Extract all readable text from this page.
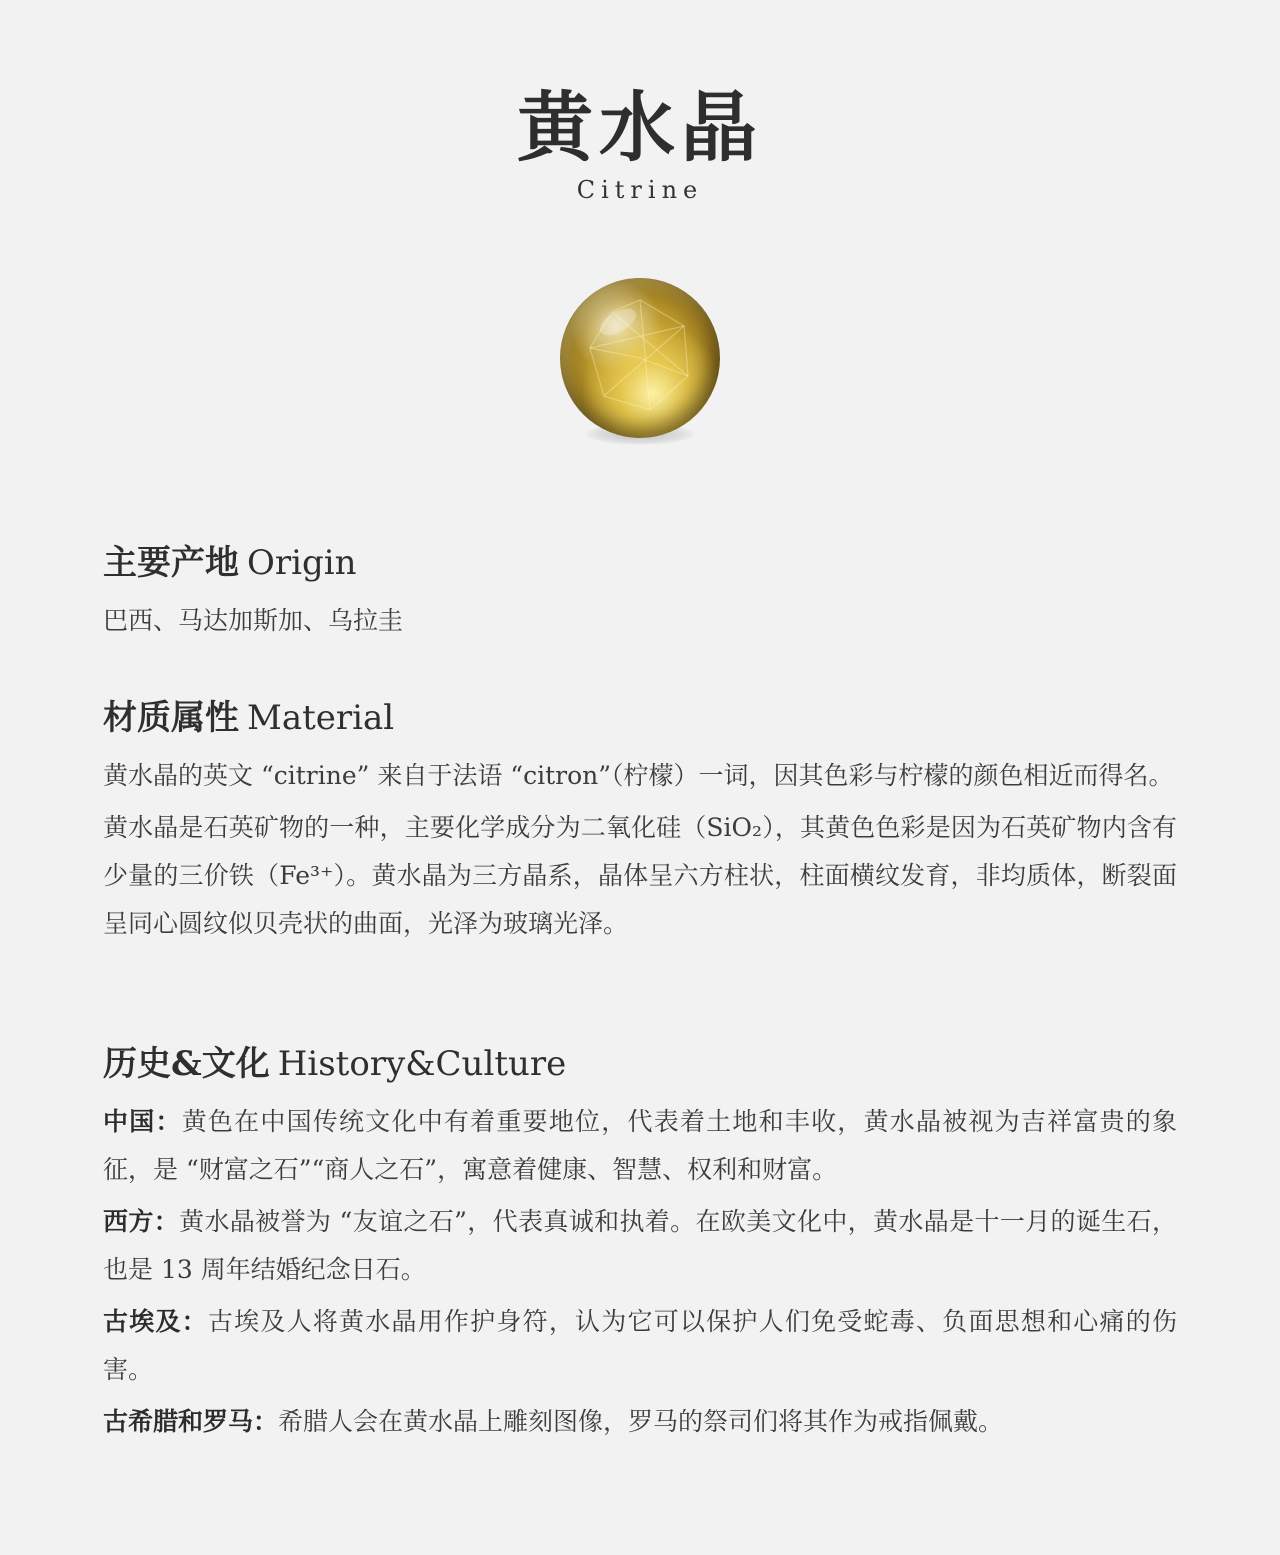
黄水晶
Citrine
主要产地 Origin
巴西、马达加斯加、乌拉圭
材质属性 Material
黄水晶的英文 “citrine” 来自于法语 “citron”（柠檬）一词，因其色彩与柠檬的颜色相近而得名。
黄水晶是石英矿物的一种，主要化学成分为二氧化硅（SiO₂），其黄色色彩是因为石英矿物内含有少量的三价铁（Fe³⁺）。黄水晶为三方晶系，晶体呈六方柱状，柱面横纹发育，非均质体，断裂面呈同心圆纹似贝壳状的曲面，光泽为玻璃光泽。
历史&文化 History&Culture
中国：黄色在中国传统文化中有着重要地位，代表着土地和丰收，黄水晶被视为吉祥富贵的象征，是 “财富之石”“商人之石”，寓意着健康、智慧、权利和财富。
西方：黄水晶被誉为 “友谊之石”，代表真诚和执着。在欧美文化中，黄水晶是十一月的诞生石，也是 13 周年结婚纪念日石。
古埃及：古埃及人将黄水晶用作护身符，认为它可以保护人们免受蛇毒、负面思想和心痛的伤害。
古希腊和罗马：希腊人会在黄水晶上雕刻图像，罗马的祭司们将其作为戒指佩戴。
